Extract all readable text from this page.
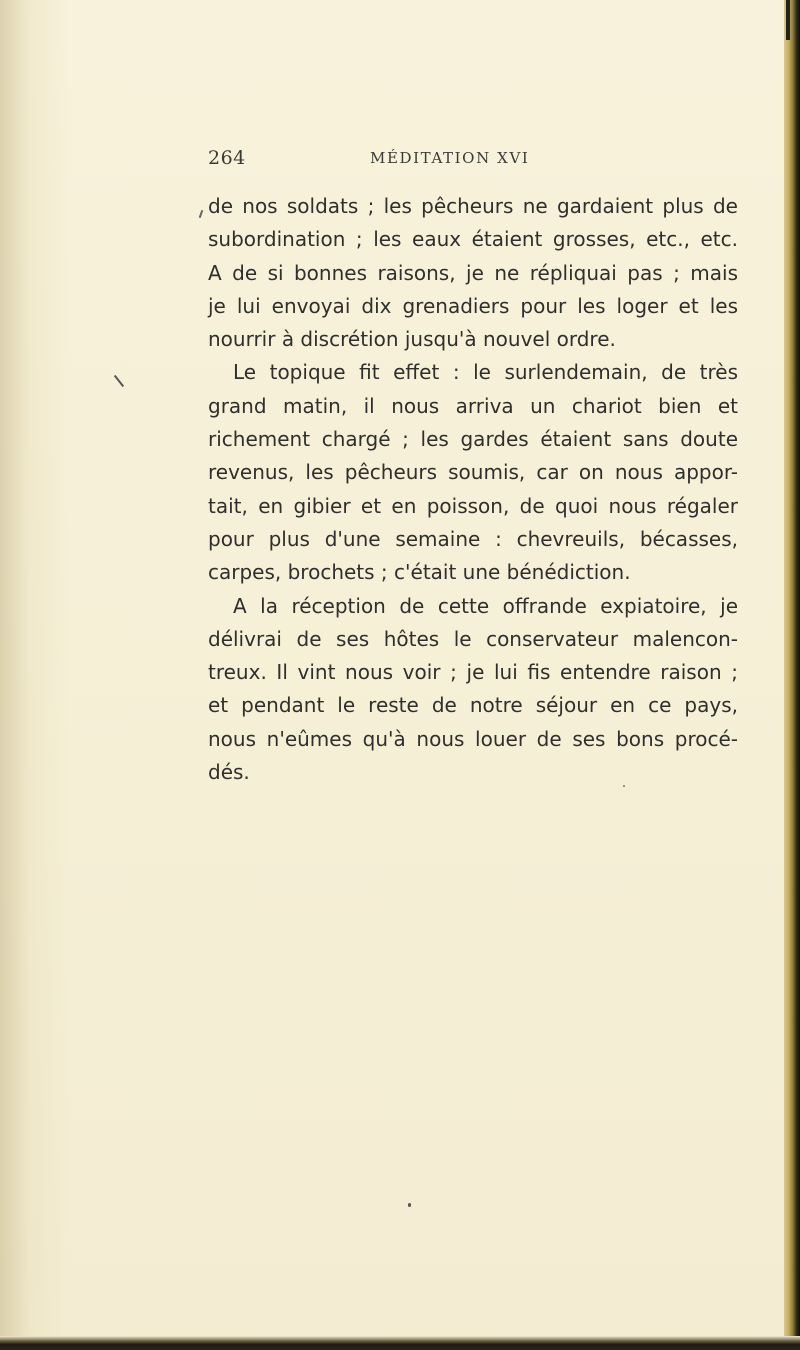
264	MÉDITATION XVI
de nos soldats ; les pêcheurs ne gardaient plus de
subordination ; les eaux étaient grosses, etc., etc.
A de si bonnes raisons, je ne répliquai pas ; mais
je lui envoyai dix grenadiers pour les loger et les
nourrir à discrétion jusqu'à nouvel ordre.
Le topique fit effet : le surlendemain, de très
grand matin, il nous arriva un chariot bien et
richement chargé ; les gardes étaient sans doute
revenus, les pêcheurs soumis, car on nous appor-
tait, en gibier et en poisson, de quoi nous régaler
pour plus d'une semaine : chevreuils, bécasses,
carpes, brochets ; c'était une bénédiction.
A la réception de cette offrande expiatoire, je
délivrai de ses hôtes le conservateur malencon-
treux. Il vint nous voir ; je lui fis entendre raison ;
et pendant le reste de notre séjour en ce pays,
nous n'eûmes qu'à nous louer de ses bons procé-
dés.
